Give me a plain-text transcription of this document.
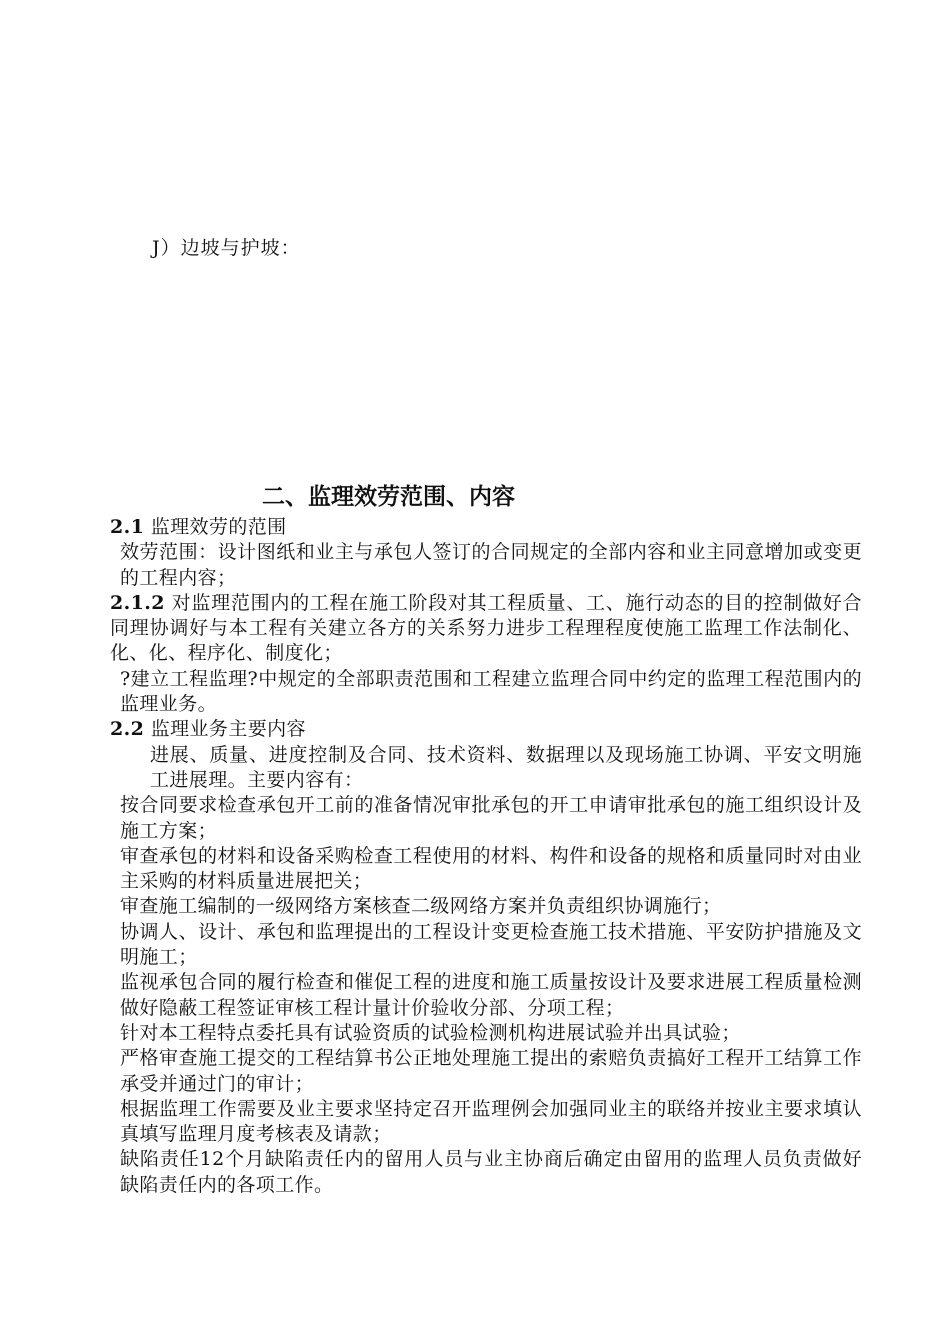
J）边坡与护坡：
二、监理效劳范围、内容

2.1 监理效劳的范围

效劳范围：设计图纸和业主与承包人签订的合同规定的全部内容和业主同意增加或变更的工程内容；

2.1.2 对监理范围内的工程在施工阶段对其工程质量、工、施行动态的目的控制做好合同理协调好与本工程有关建立各方的关系努力进步工程理程度使施工监理工作法制化、化、化、程序化、制度化；

?建立工程监理?中规定的全部职责范围和工程建立监理合同中约定的监理工程范围内的监理业务。

2.2 监理业务主要内容

进展、质量、进度控制及合同、技术资料、数据理以及现场施工协调、平安文明施工进展理。主要内容有：

按合同要求检查承包开工前的准备情况审批承包的开工申请审批承包的施工组织设计及施工方案；

审查承包的材料和设备采购检查工程使用的材料、构件和设备的规格和质量同时对由业主采购的材料质量进展把关；

审查施工编制的一级网络方案核查二级网络方案并负责组织协调施行；

协调人、设计、承包和监理提出的工程设计变更检查施工技术措施、平安防护措施及文明施工；

监视承包合同的履行检查和催促工程的进度和施工质量按设计及要求进展工程质量检测做好隐蔽工程签证审核工程计量计价验收分部、分项工程；

针对本工程特点委托具有试验资质的试验检测机构进展试验并出具试验；

严格审查施工提交的工程结算书公正地处理施工提出的索赔负责搞好工程开工结算工作承受并通过门的审计；

根据监理工作需要及业主要求坚持定召开监理例会加强同业主的联络并按业主要求填认真填写监理月度考核表及请款；

缺陷责任12个月缺陷责任内的留用人员与业主协商后确定由留用的监理人员负责做好缺陷责任内的各项工作。
